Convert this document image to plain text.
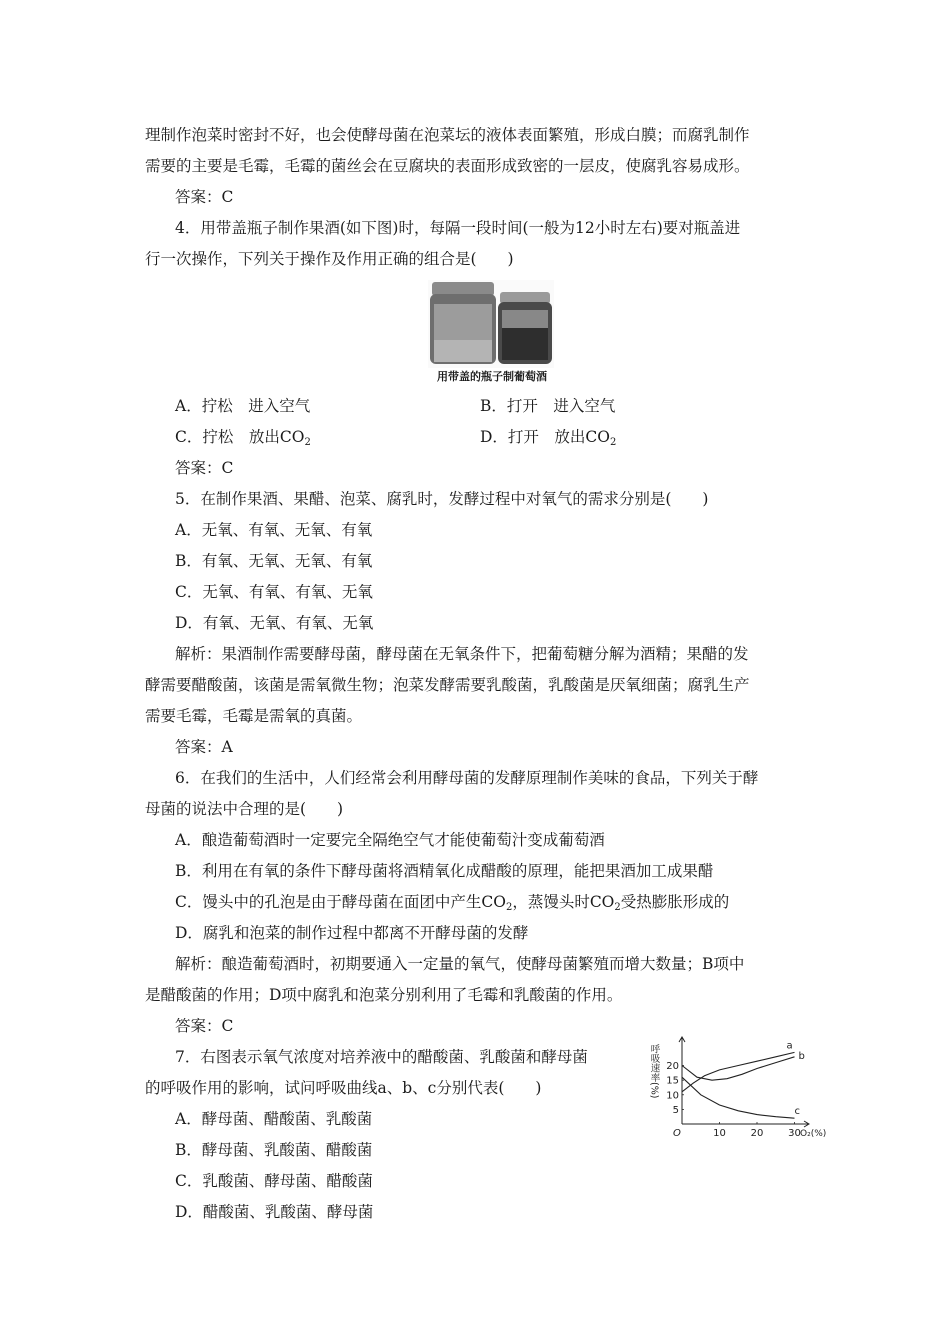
理制作泡菜时密封不好，也会使酵母菌在泡菜坛的液体表面繁殖，形成白膜；而腐乳制作
需要的主要是毛霉，毛霉的菌丝会在豆腐块的表面形成致密的一层皮，使腐乳容易成形。
答案：C
4．用带盖瓶子制作果酒(如下图)时，每隔一段时间(一般为12小时左右)要对瓶盖进
行一次操作，下列关于操作及作用正确的组合是(　　)
用带盖的瓶子制葡萄酒
A．拧松　进入空气	B．打开　进入空气
C．拧松　放出$CO_2$	D．打开　放出$CO_2$
答案：C
5．在制作果酒、果醋、泡菜、腐乳时，发酵过程中对氧气的需求分别是(　　)
A．无氧、有氧、无氧、有氧
B．有氧、无氧、无氧、有氧
C．无氧、有氧、有氧、无氧
D．有氧、无氧、有氧、无氧
解析：果酒制作需要酵母菌，酵母菌在无氧条件下，把葡萄糖分解为酒精；果醋的发
酵需要醋酸菌，该菌是需氧微生物；泡菜发酵需要乳酸菌，乳酸菌是厌氧细菌；腐乳生产
需要毛霉，毛霉是需氧的真菌。
答案：A
6．在我们的生活中，人们经常会利用酵母菌的发酵原理制作美味的食品，下列关于酵
母菌的说法中合理的是(　　)
A．酿造葡萄酒时一定要完全隔绝空气才能使葡萄汁变成葡萄酒
B．利用在有氧的条件下酵母菌将酒精氧化成醋酸的原理，能把果酒加工成果醋
C．馒头中的孔泡是由于酵母菌在面团中产生$CO_2$，蒸馒头时$CO_2$受热膨胀形成的
D．腐乳和泡菜的制作过程中都离不开酵母菌的发酵
解析：酿造葡萄酒时，初期要通入一定量的氧气，使酵母菌繁殖而增大数量；B项中
是醋酸菌的作用；D项中腐乳和泡菜分别利用了毛霉和乳酸菌的作用。
答案：C
7．右图表示氧气浓度对培养液中的醋酸菌、乳酸菌和酵母菌
的呼吸作用的影响，试问呼吸曲线a、b、c分别代表(　　)
A．酵母菌、醋酸菌、乳酸菌
B．酵母菌、乳酸菌、醋酸菌
C．乳酸菌、酵母菌、醋酸菌
D．醋酸菌、乳酸菌、酵母菌
O	O₂(%)
10 20 30
20
15
10
5
呼吸速率(%)	a
b
c
